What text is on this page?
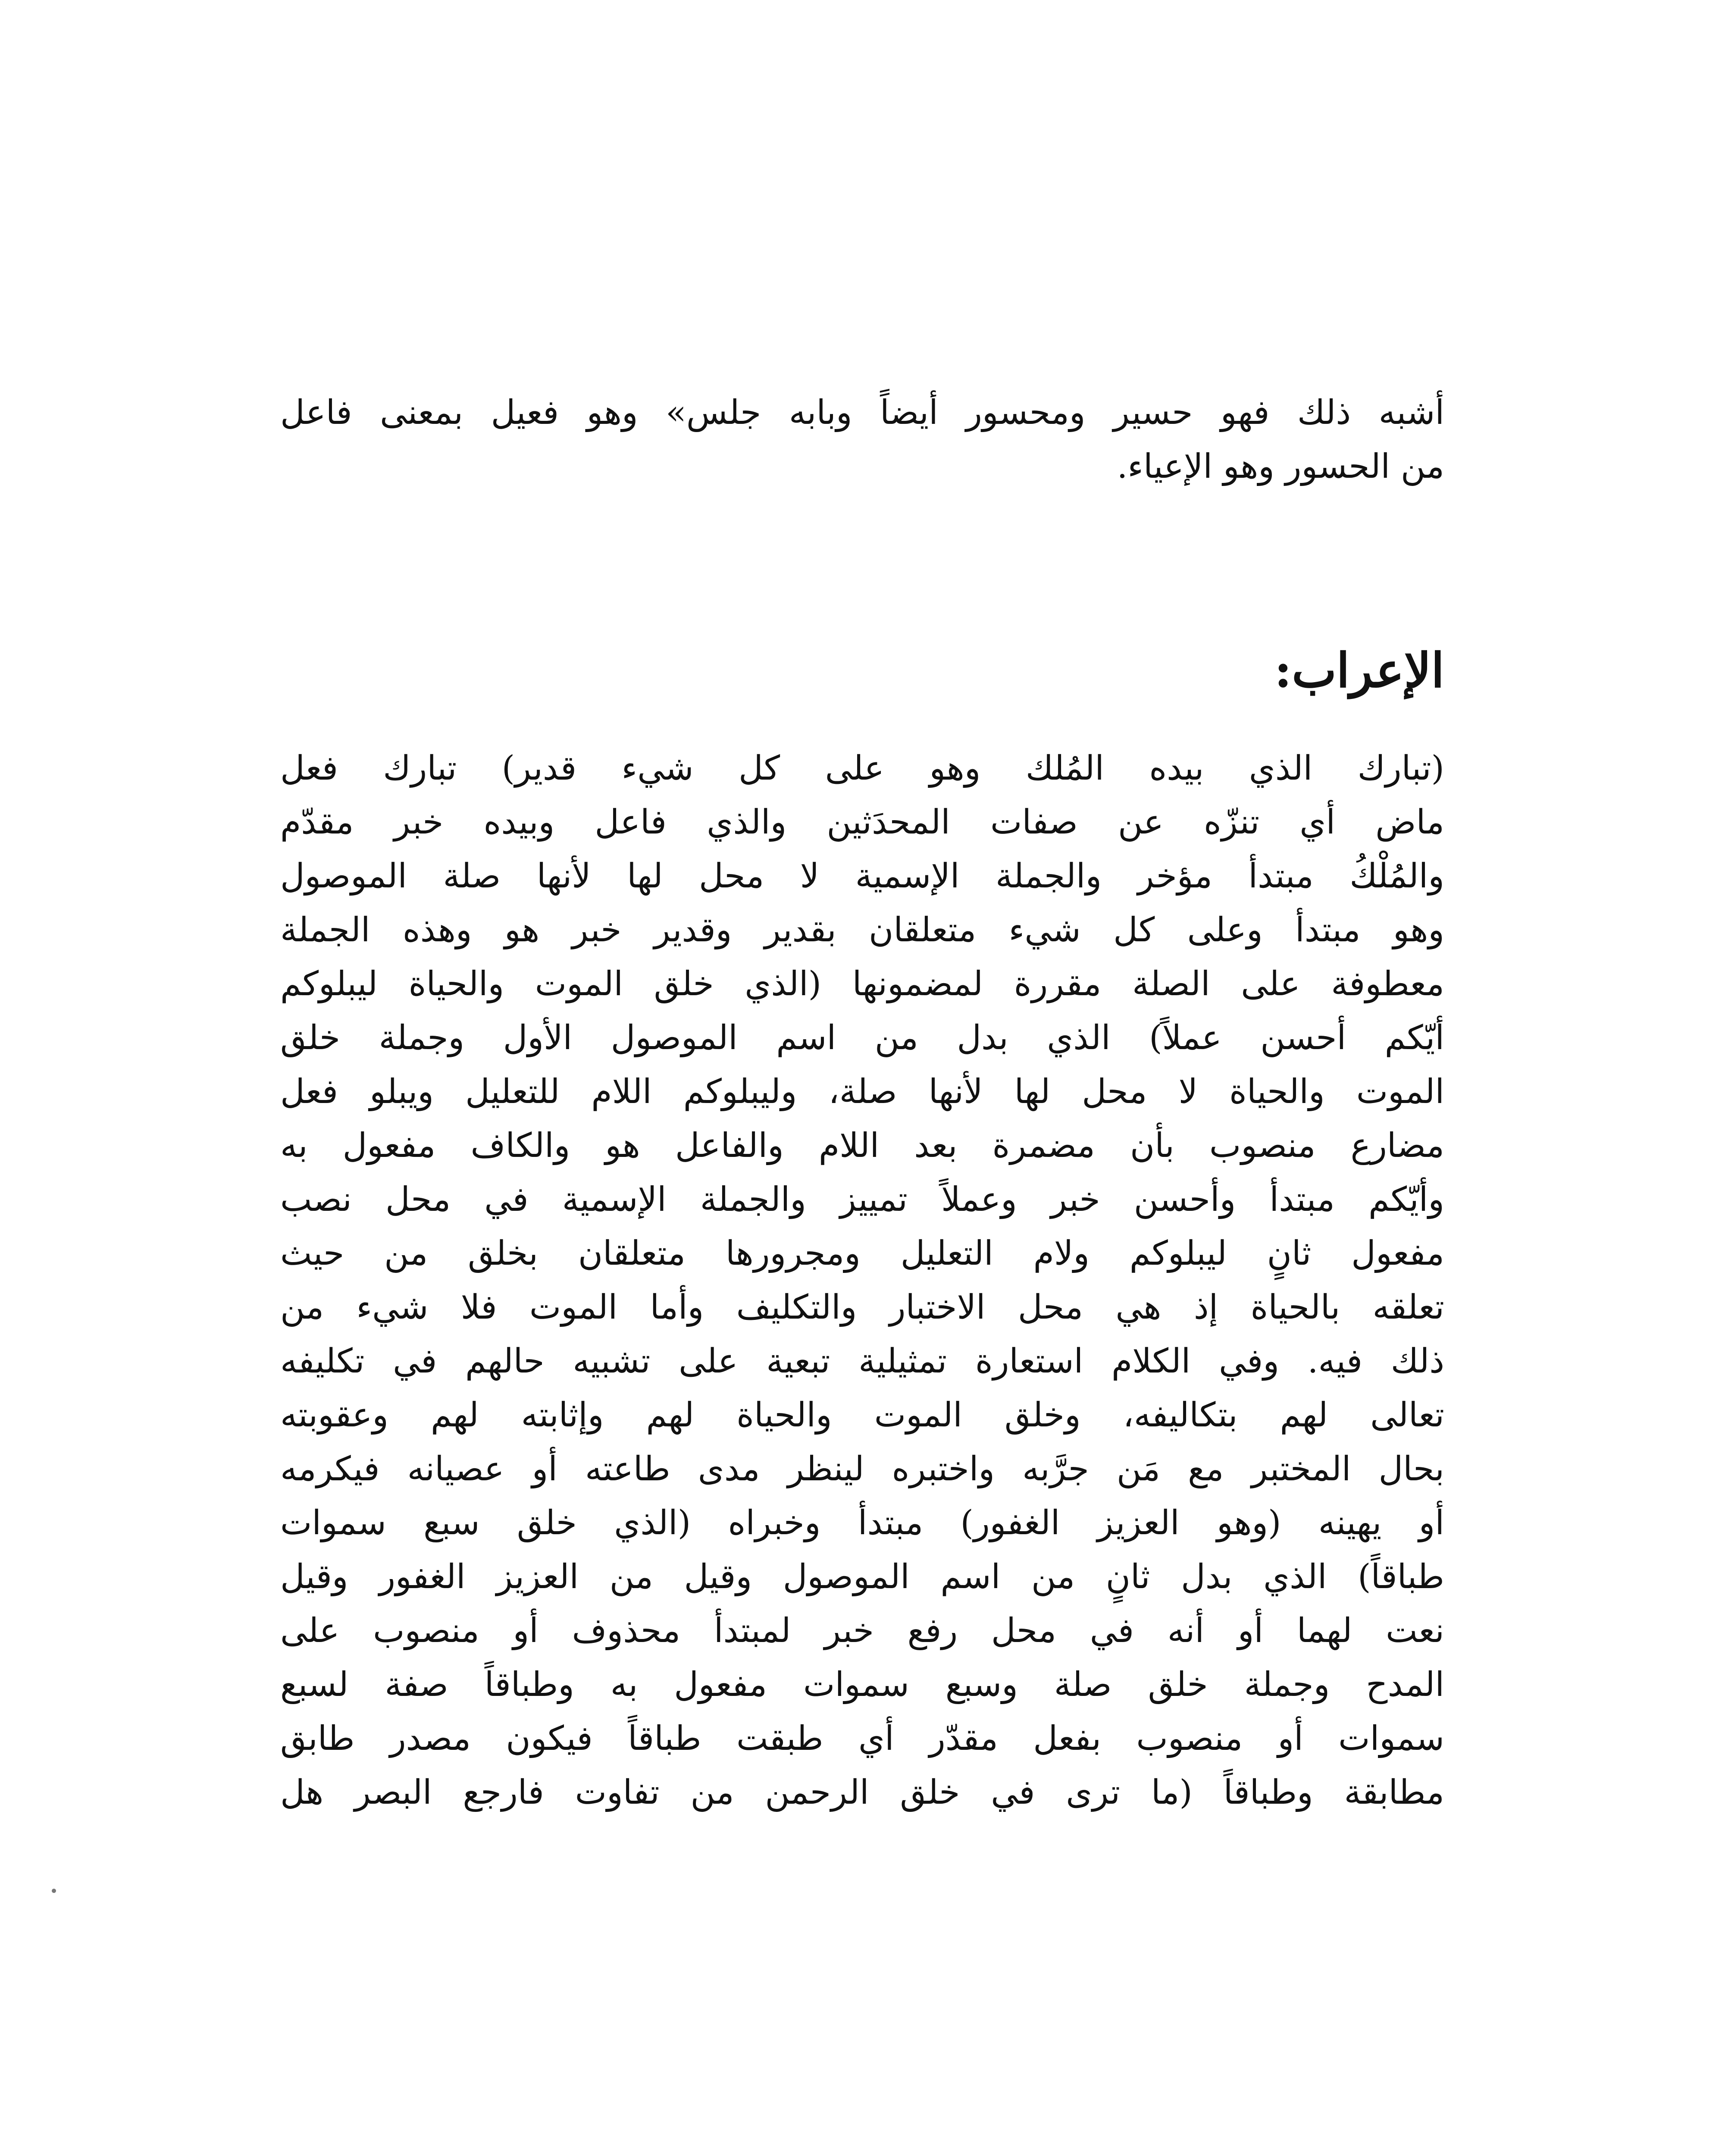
أشبه ذلك فهو حسير ومحسور أيضاً وبابه جلس» وهو فعيل بمعنى فاعل
من الحسور وهو الإعياء.
الإعراب:
(تبارك الذي بيده المُلك وهو على كل شيء قدير) تبارك فعل
ماض أي تنزّه عن صفات المحدَثين والذي فاعل وبيده خبر مقدّم
والمُلْكُ مبتدأ مؤخر والجملة الإسمية لا محل لها لأنها صلة الموصول
وهو مبتدأ وعلى كل شيء متعلقان بقدير وقدير خبر هو وهذه الجملة
معطوفة على الصلة مقررة لمضمونها (الذي خلق الموت والحياة ليبلوكم
أيّكم أحسن عملاً) الذي بدل من اسم الموصول الأول وجملة خلق
الموت والحياة لا محل لها لأنها صلة، وليبلوكم اللام للتعليل ويبلو فعل
مضارع منصوب بأن مضمرة بعد اللام والفاعل هو والكاف مفعول به
وأيّكم مبتدأ وأحسن خبر وعملاً تمييز والجملة الإسمية في محل نصب
مفعول ثانٍ ليبلوكم ولام التعليل ومجرورها متعلقان بخلق من حيث
تعلقه بالحياة إذ هي محل الاختبار والتكليف وأما الموت فلا شيء من
ذلك فيه. وفي الكلام استعارة تمثيلية تبعية على تشبيه حالهم في تكليفه
تعالى لهم بتكاليفه، وخلق الموت والحياة لهم وإثابته لهم وعقوبته
بحال المختبر مع مَن جرَّبه واختبره لينظر مدى طاعته أو عصيانه فيكرمه
أو يهينه (وهو العزيز الغفور) مبتدأ وخبراه (الذي خلق سبع سموات
طباقاً) الذي بدل ثانٍ من اسم الموصول وقيل من العزيز الغفور وقيل
نعت لهما أو أنه في محل رفع خبر لمبتدأ محذوف أو منصوب على
المدح وجملة خلق صلة وسبع سموات مفعول به وطباقاً صفة لسبع
سموات أو منصوب بفعل مقدّر أي طبقت طباقاً فيكون مصدر طابق
مطابقة وطباقاً (ما ترى في خلق الرحمن من تفاوت فارجع البصر هل
